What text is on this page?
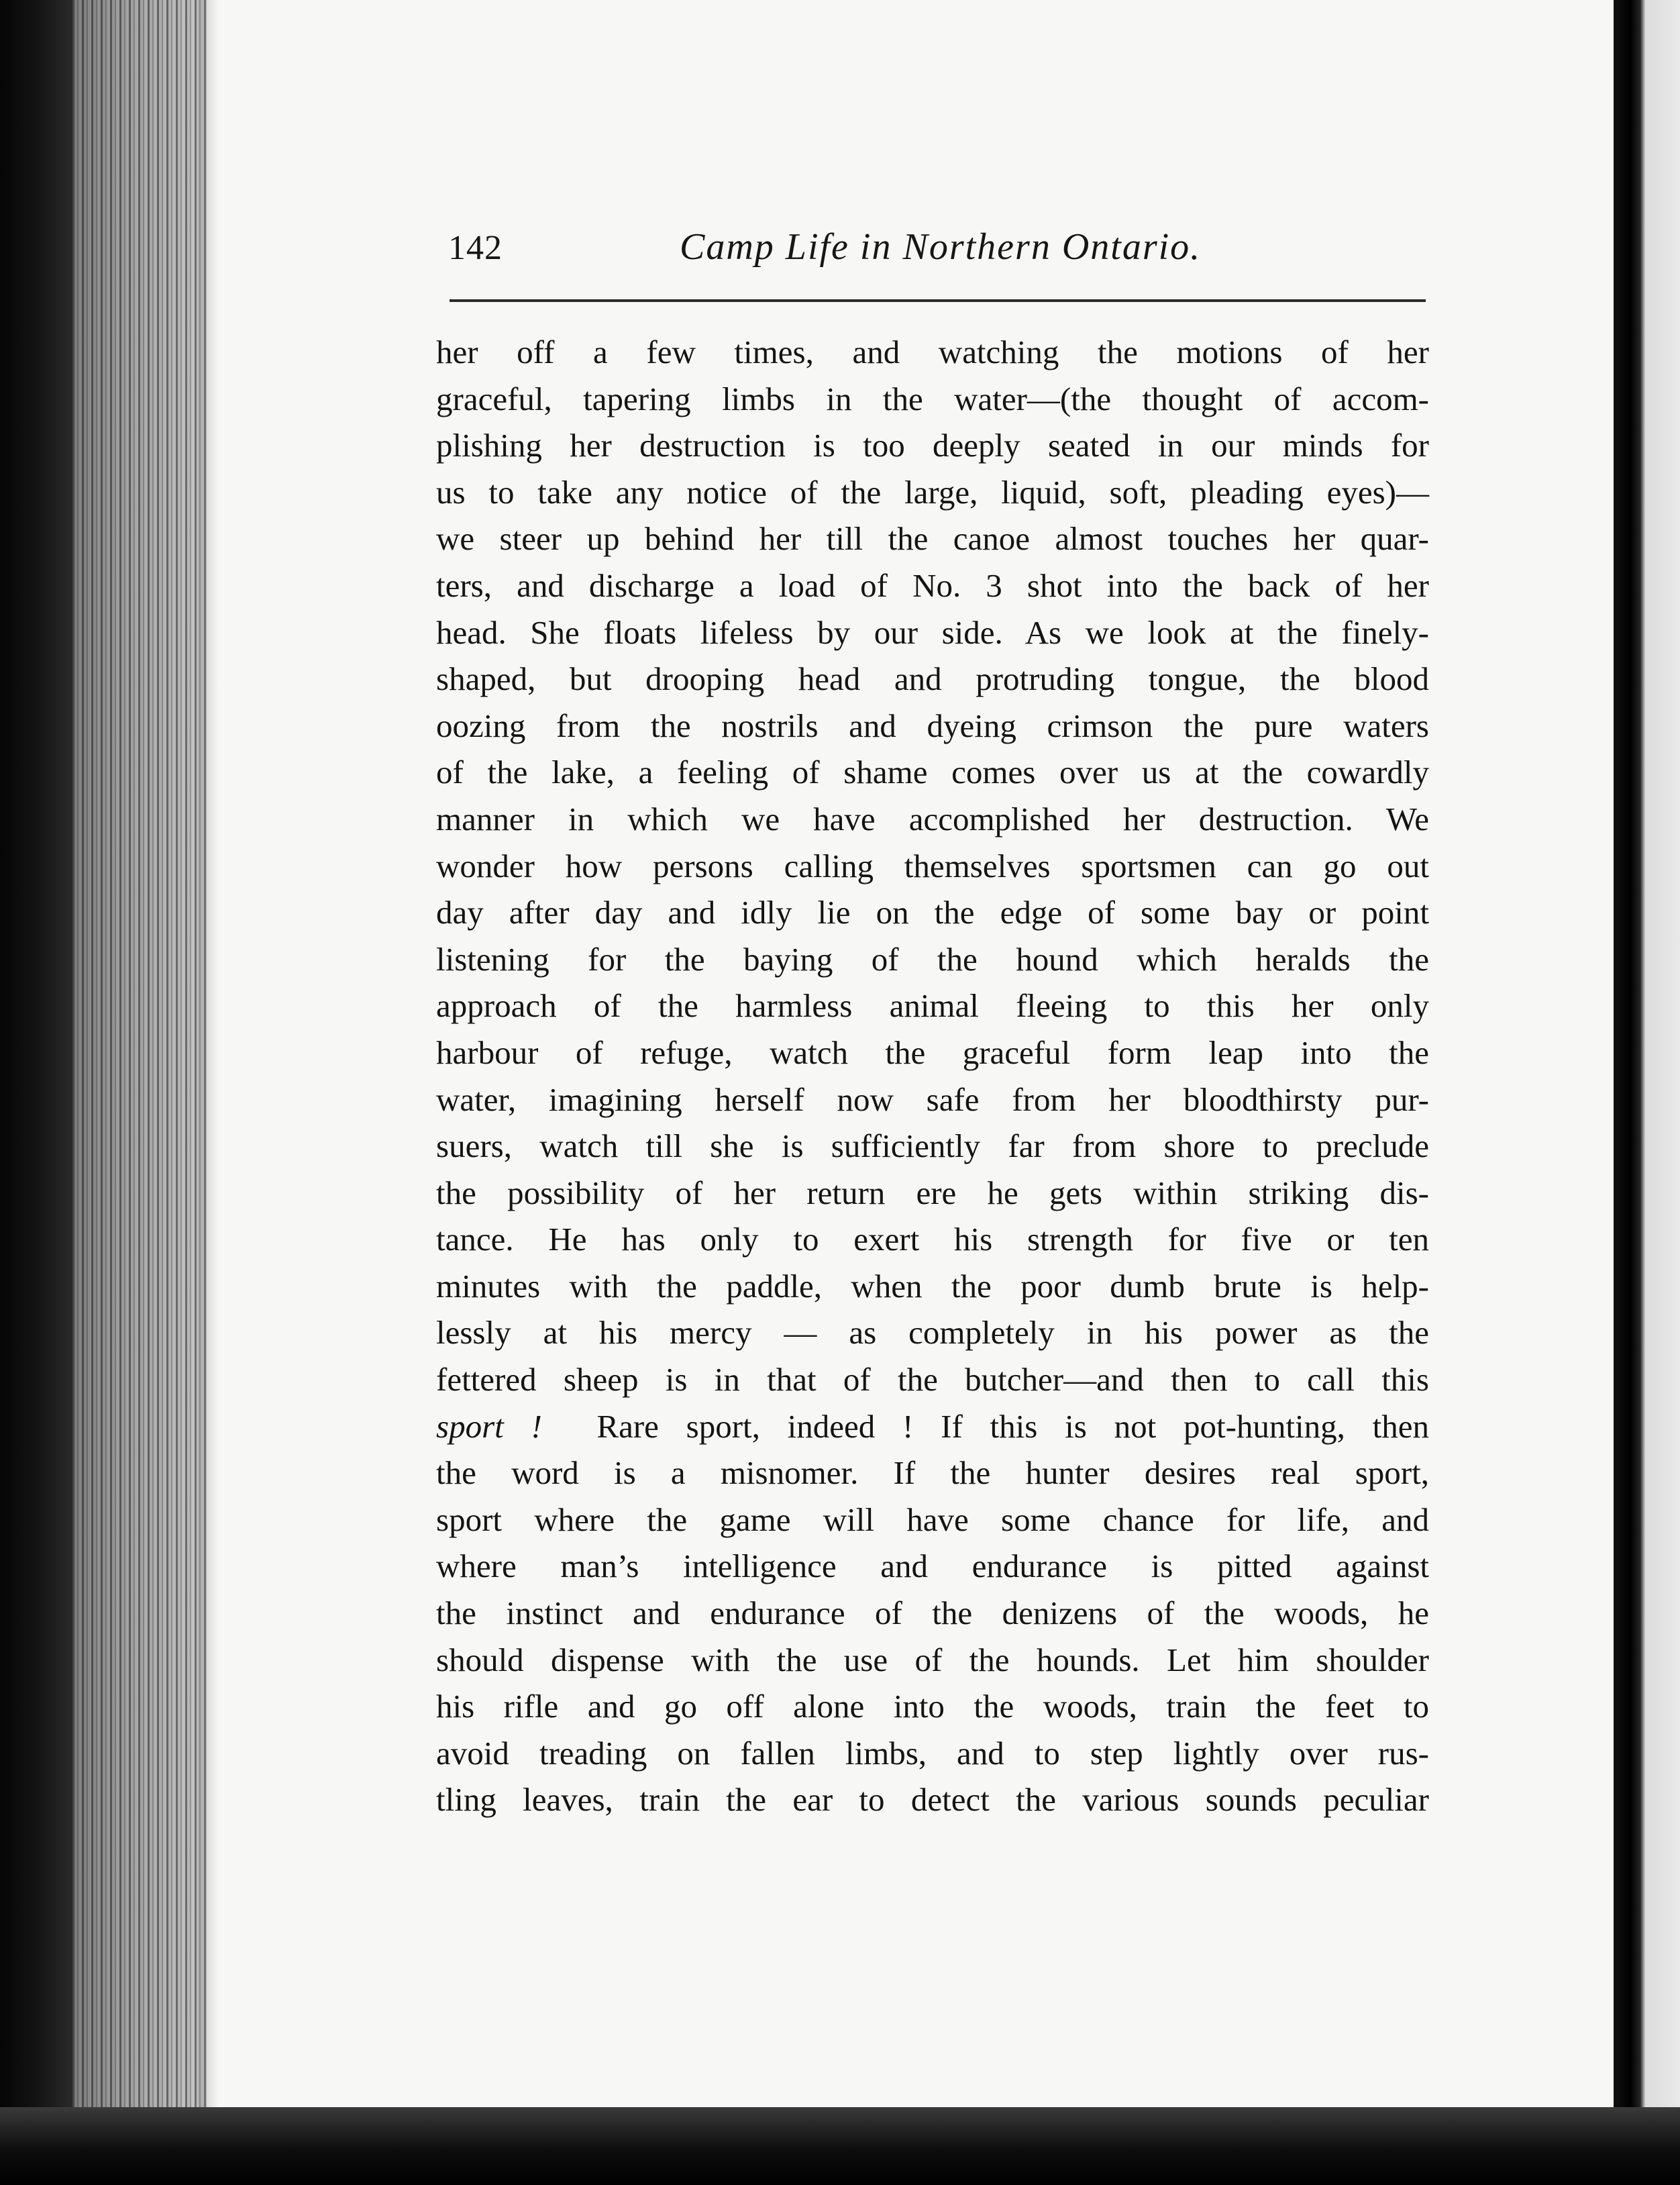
142	Camp Life in Northern Ontario.
her off a few times, and watching the motions of her
graceful, tapering limbs in the water—(the thought of accom-
plishing her destruction is too deeply seated in our minds for
us to take any notice of the large, liquid, soft, pleading eyes)—
we steer up behind her till the canoe almost touches her quar-
ters, and discharge a load of No. 3 shot into the back of her
head. She floats lifeless by our side. As we look at the finely-
shaped, but drooping head and protruding tongue, the blood
oozing from the nostrils and dyeing crimson the pure waters
of the lake, a feeling of shame comes over us at the cowardly
manner in which we have accomplished her destruction. We
wonder how persons calling themselves sportsmen can go out
day after day and idly lie on the edge of some bay or point
listening for the baying of the hound which heralds the
approach of the harmless animal fleeing to this her only
harbour of refuge, watch the graceful form leap into the
water, imagining herself now safe from her bloodthirsty pur-
suers, watch till she is sufficiently far from shore to preclude
the possibility of her return ere he gets within striking dis-
tance. He has only to exert his strength for five or ten
minutes with the paddle, when the poor dumb brute is help-
lessly at his mercy — as completely in his power as the
fettered sheep is in that of the butcher—and then to call this
sport ! Rare sport, indeed ! If this is not pot-hunting, then
the word is a misnomer. If the hunter desires real sport,
sport where the game will have some chance for life, and
where man’s intelligence and endurance is pitted against
the instinct and endurance of the denizens of the woods, he
should dispense with the use of the hounds. Let him shoulder
his rifle and go off alone into the woods, train the feet to
avoid treading on fallen limbs, and to step lightly over rus-
tling leaves, train the ear to detect the various sounds peculiar
